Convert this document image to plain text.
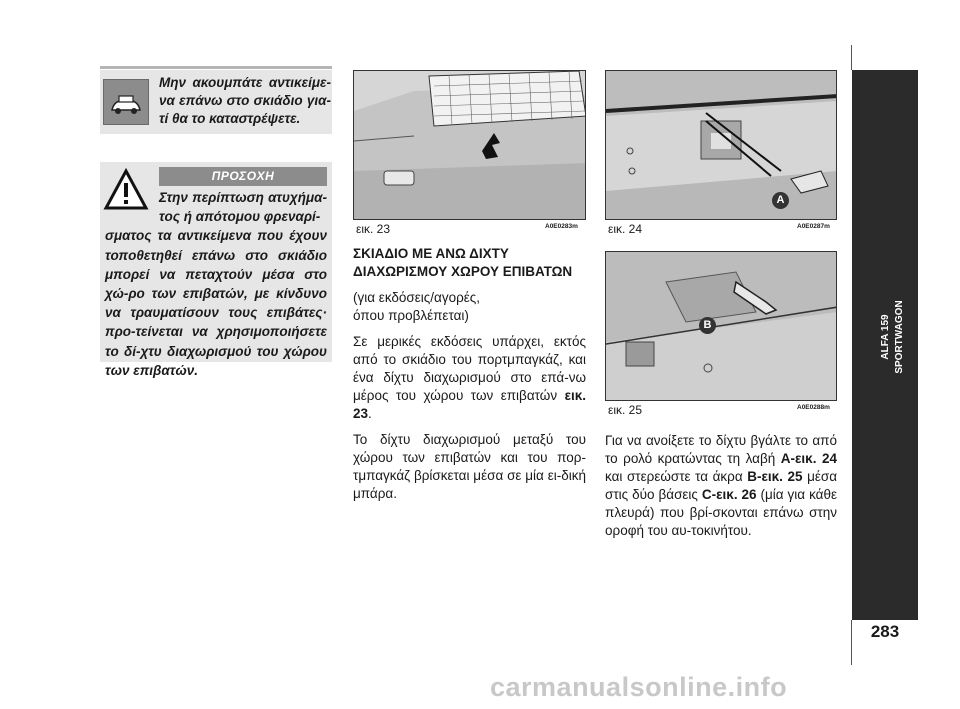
Μην ακουμπάτε αντικείμε-να επάνω στο σκιάδιο για-τί θα το καταστρέψετε.
ΠΡΟΣΟΧΗ
Στην περίπτωση ατυχήμα-τος ή απότομου φρεναρί-
σματος τα αντικείμενα που έχουν τοποθετηθεί επάνω στο σκιάδιο μπορεί να πεταχτούν μέσα στο χώ-ρο των επιβατών, με κίνδυνο να τραυματίσουν τους επιβάτες· προ-τείνεται να χρησιμοποιήσετε το δί-χτυ διαχωρισμού του χώρου των επιβατών.
εικ. 23	A0E0283m
A
εικ. 24	A0E0287m
B
εικ. 25	A0E0288m

ΣΚΙΑΔΙΟ ΜΕ ΑΝΩ ΔΙΧΤΥ
ΔΙΑΧΩΡΙΣΜΟΥ ΧΩΡΟΥ ΕΠΙΒΑΤΩΝ

(για εκδόσεις/αγορές,
όπου προβλέπεται)

Σε μερικές εκδόσεις υπάρχει, εκτός από το σκιάδιο του πορτμπαγκάζ, και ένα δίχτυ διαχωρισμού στο επά-νω μέρος του χώρου των επιβατών εικ. 23.

Το δίχτυ διαχωρισμού μεταξύ του χώρου των επιβατών και του πορ-τμπαγκάζ βρίσκεται μέσα σε μία ει-δική μπάρα.

Για να ανοίξετε το δίχτυ βγάλτε το από το ρολό κρατώντας τη λαβή A-εικ. 24 και στερεώστε τα άκρα B-εικ. 25 μέσα στις δύο βάσεις C-εικ. 26 (μία για κάθε πλευρά) που βρί-σκονται επάνω στην οροφή του αυ-τοκινήτου.
ALFA 159 SPORTWAGON
283
carmanualsonline.info
